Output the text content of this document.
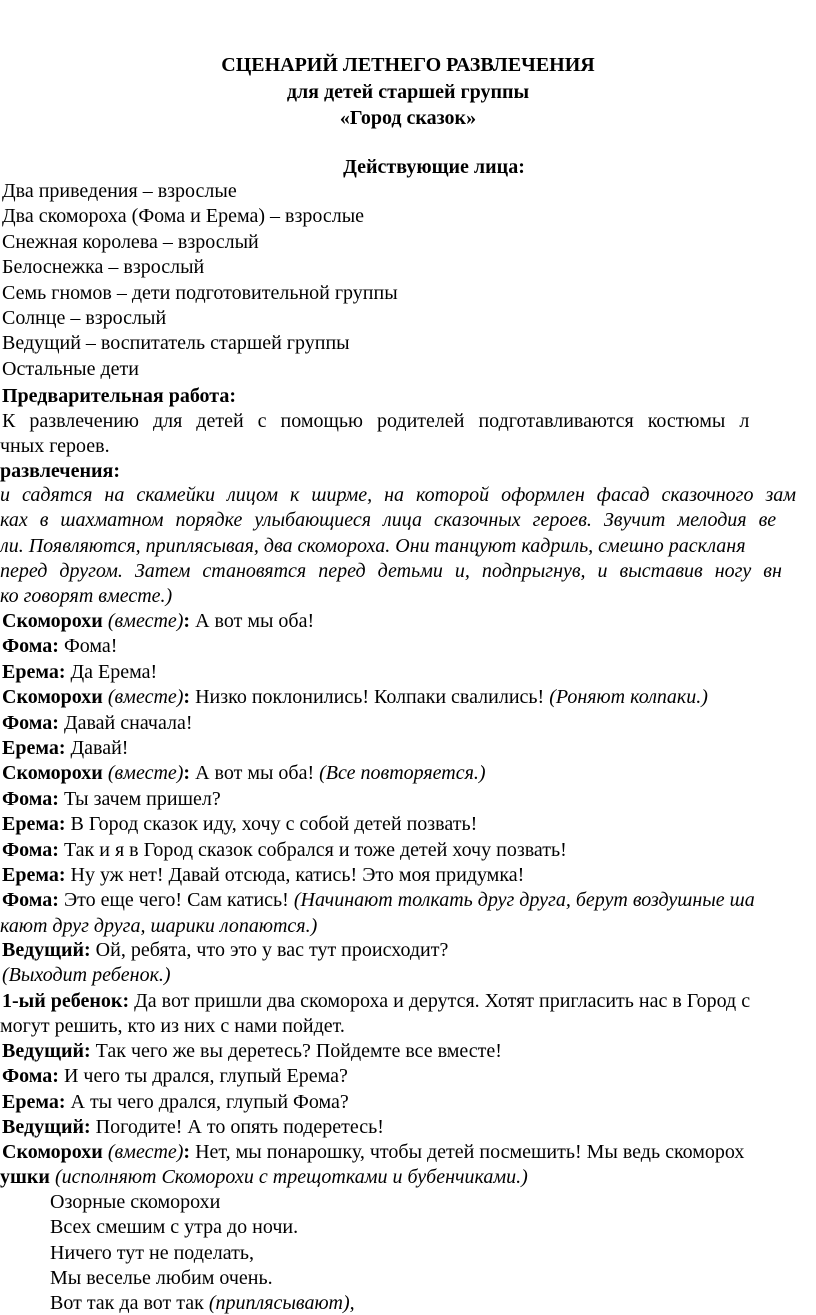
СЦЕНАРИЙ ЛЕТНЕГО РАЗВЛЕЧЕНИЯ
для детей старшей группы
«Город сказок»
Действующие лица:
Два приведения – взрослые
Два скомороха (Фома и Ерема) – взрослые
Снежная королева – взрослый
Белоснежка – взрослый
Семь гномов – дети подготовительной группы
Солнце – взрослый
Ведущий – воспитатель старшей группы
Остальные дети
Предварительная работа:
К развлечению для детей с помощью родителей подготавливаются костюмы л
чных героев.
развлечения:
и садятся на скамейки лицом к ширме, на которой оформлен фасад сказочного зам
ках в шахматном порядке улыбающиеся лица сказочных героев. Звучит мелодия ве
ли. Появляются, приплясывая, два скомороха. Они танцуют кадриль, смешно раскланя
перед другом. Затем становятся перед детьми и, подпрыгнув, и выставив ногу вн
ко говорят вместе.)
Скоморохи (вместе): А вот мы оба!
Фома: Фома!
Ерема: Да Ерема!
Скоморохи (вместе): Низко поклонились! Колпаки свалились! (Роняют колпаки.)
Фома: Давай сначала!
Ерема: Давай!
Скоморохи (вместе): А вот мы оба! (Все повторяется.)
Фома: Ты зачем пришел?
Ерема: В Город сказок иду, хочу с собой детей позвать!
Фома: Так и я в Город сказок собрался и тоже детей хочу позвать!
Ерема: Ну уж нет! Давай отсюда, катись! Это моя придумка!
Фома: Это еще чего! Сам катись! (Начинают толкать друг друга, берут воздушные ша
кают друг друга, шарики лопаются.)
Ведущий: Ой, ребята, что это у вас тут происходит?
(Выходит ребенок.)
1-ый ребенок: Да вот пришли два скомороха и дерутся. Хотят пригласить нас в Город с
могут решить, кто из них с нами пойдет.
Ведущий: Так чего же вы деретесь? Пойдемте все вместе!
Фома: И чего ты дрался, глупый Ерема?
Ерема: А ты чего дрался, глупый Фома?
Ведущий: Погодите! А то опять подеретесь!
Скоморохи (вместе): Нет, мы понарошку, чтобы детей посмешить! Мы ведь скоморох
ушки (исполняют Скоморохи с трещотками и бубенчиками.)
Озорные скоморохи
Всех смешим с утра до ночи.
Ничего тут не поделать,
Мы веселье любим очень.
Вот так да вот так (приплясывают),
